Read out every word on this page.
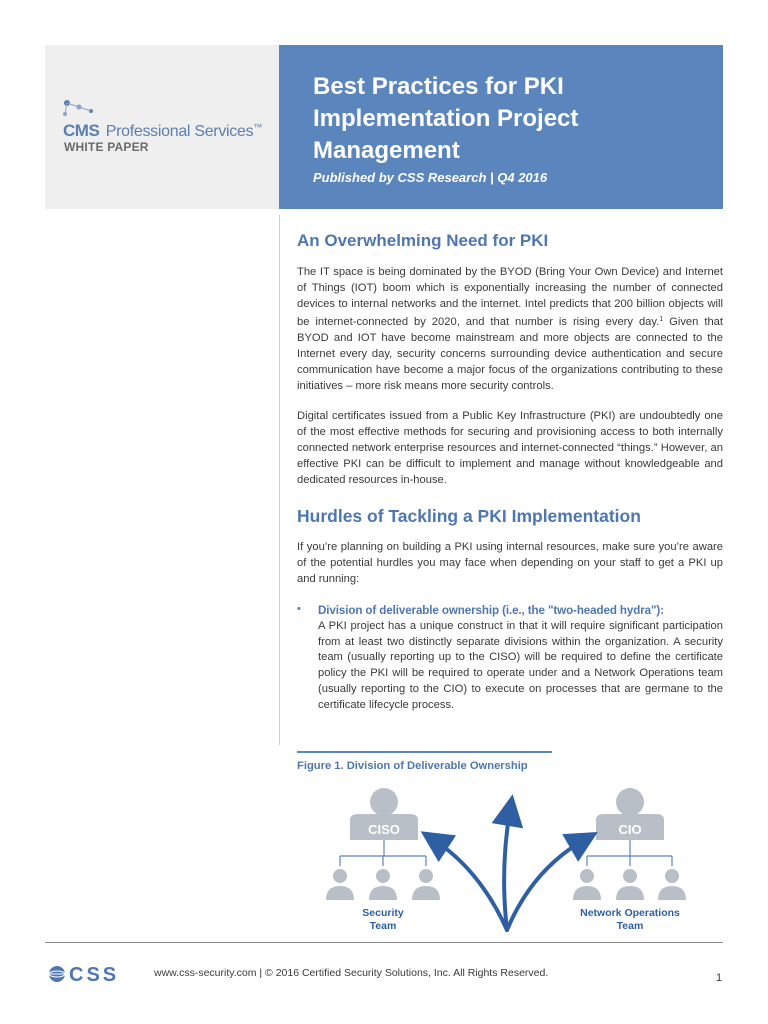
CMS Professional Services™
WHITE PAPER
Best Practices for PKI Implementation Project Management
Published by CSS Research | Q4 2016
An Overwhelming Need for PKI

The IT space is being dominated by the BYOD (Bring Your Own Device) and Internet of Things (IOT) boom which is exponentially increasing the number of connected devices to internal networks and the internet. Intel predicts that 200 billion objects will be internet-connected by 2020, and that number is rising every day.$^1$ Given that BYOD and IOT have become mainstream and more objects are connected to the Internet every day, security concerns surrounding device authentication and secure communication have become a major focus of the organizations contributing to these initiatives – more risk means more security controls.

Digital certificates issued from a Public Key Infrastructure (PKI) are undoubtedly one of the most effective methods for securing and provisioning access to both internally connected network enterprise resources and internet-connected “things.” However, an effective PKI can be difficult to implement and manage without knowledgeable and dedicated resources in-house.

Hurdles of Tackling a PKI Implementation

If you’re planning on building a PKI using internal resources, make sure you’re aware of the potential hurdles you may face when depending on your staff to get a PKI up and running:

• Division of deliverable ownership (i.e., the "two-headed hydra"):
A PKI project has a unique construct in that it will require significant participation from at least two distinctly separate divisions within the organization. A security team (usually reporting up to the CISO) will be required to define the certificate policy the PKI will be required to operate under and a Network Operations team (usually reporting to the CIO) to execute on processes that are germane to the certificate lifecycle process.
Figure 1. Division of Deliverable Ownership
CISO	CIO
Security
Team
Network Operations
Team
CSS	www.css-security.com | © 2016 Certified Security Solutions, Inc. All Rights Reserved.	1
